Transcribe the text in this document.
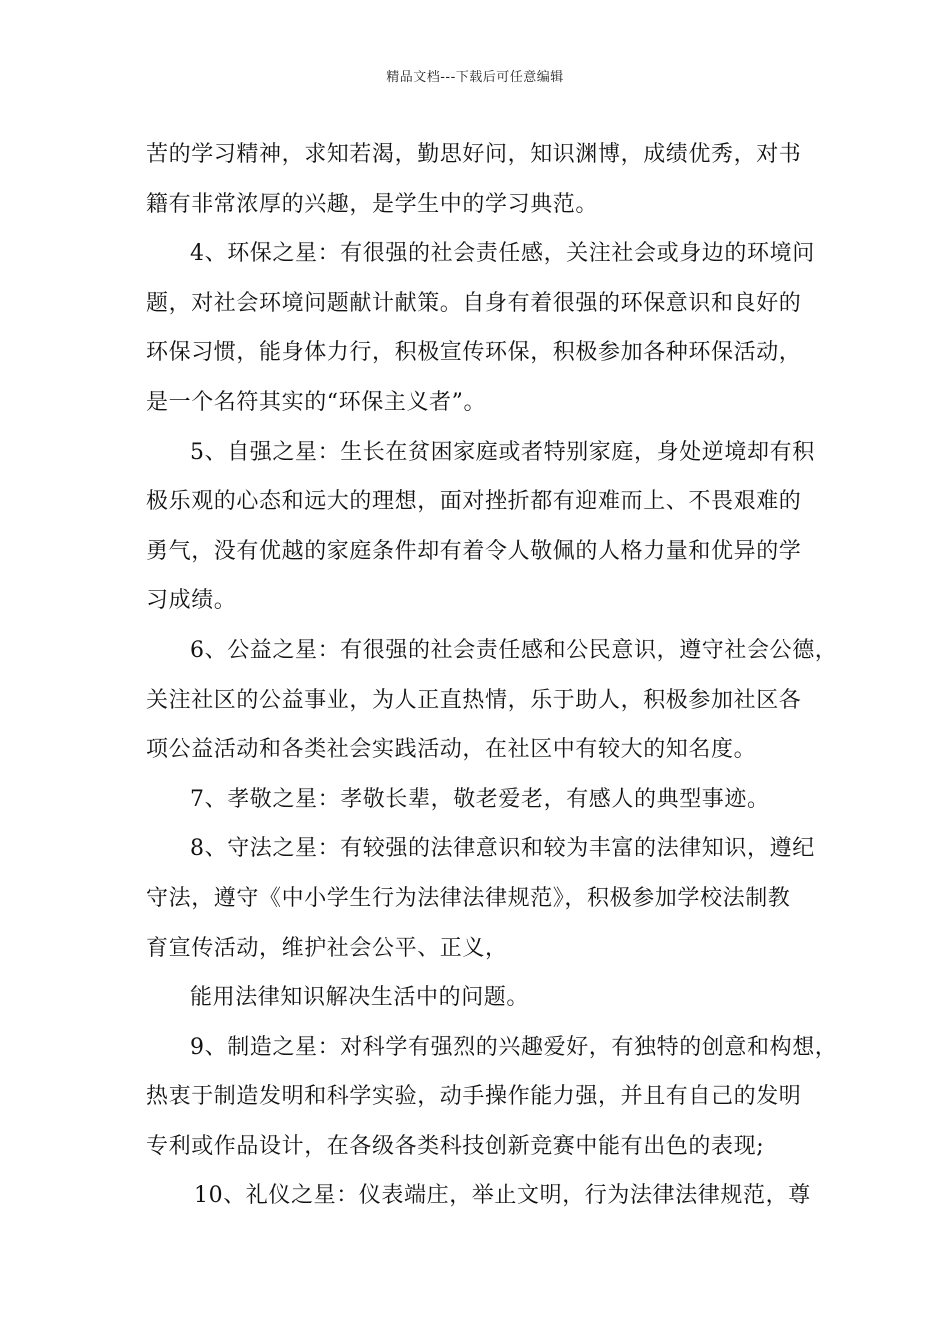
精品文档---下载后可任意编辑
苦的学习精神，求知若渴，勤思好问，知识渊博，成绩优秀，对书
籍有非常浓厚的兴趣，是学生中的学习典范。
4、环保之星：有很强的社会责任感，关注社会或身边的环境问
题，对社会环境问题献计献策。自身有着很强的环保意识和良好的
环保习惯，能身体力行，积极宣传环保，积极参加各种环保活动，
是一个名符其实的“环保主义者”。
5、自强之星：生长在贫困家庭或者特别家庭，身处逆境却有积
极乐观的心态和远大的理想，面对挫折都有迎难而上、不畏艰难的
勇气，没有优越的家庭条件却有着令人敬佩的人格力量和优异的学
习成绩。
6、公益之星：有很强的社会责任感和公民意识，遵守社会公德，
关注社区的公益事业，为人正直热情，乐于助人，积极参加社区各
项公益活动和各类社会实践活动，在社区中有较大的知名度。
7、孝敬之星：孝敬长辈，敬老爱老，有感人的典型事迹。
8、守法之星：有较强的法律意识和较为丰富的法律知识，遵纪
守法，遵守《中小学生行为法律法律规范》，积极参加学校法制教
育宣传活动，维护社会公平、正义，
能用法律知识解决生活中的问题。
9、制造之星：对科学有强烈的兴趣爱好，有独特的创意和构想，
热衷于制造发明和科学实验，动手操作能力强，并且有自己的发明
专利或作品设计，在各级各类科技创新竞赛中能有出色的表现;
10、礼仪之星：仪表端庄，举止文明，行为法律法律规范，尊
